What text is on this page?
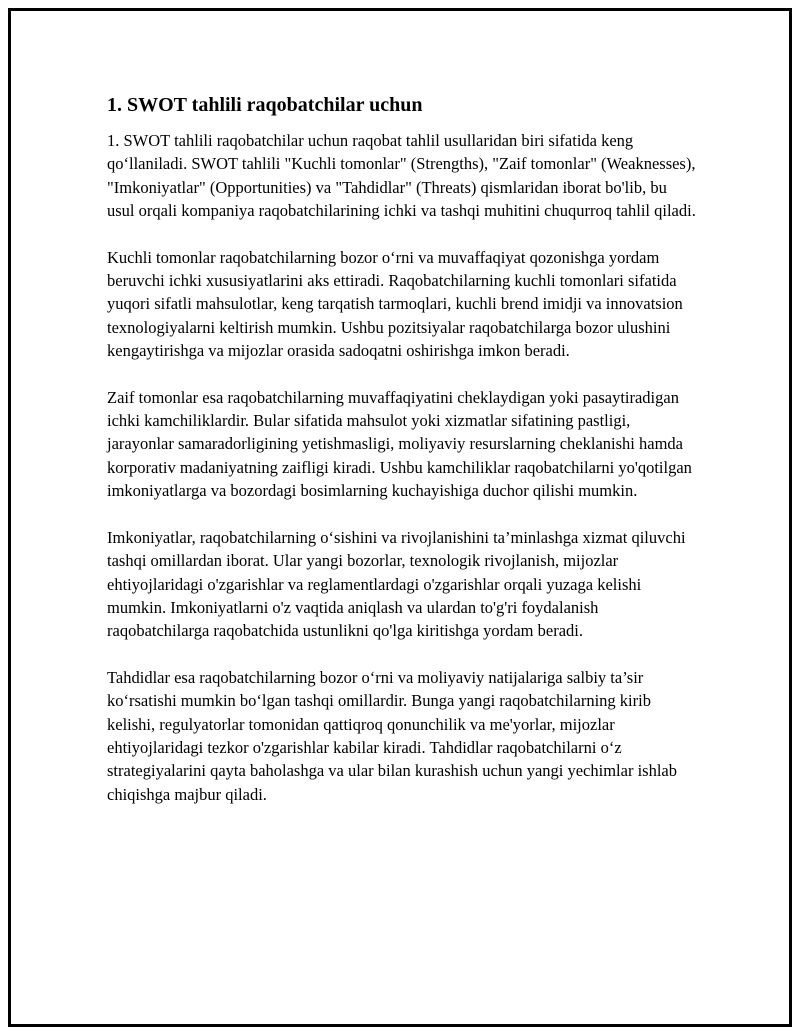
1. SWOT tahlili raqobatchilar uchun

1. SWOT tahlili raqobatchilar uchun raqobat tahlil usullaridan biri sifatida keng qo‘llaniladi. SWOT tahlili "Kuchli tomonlar" (Strengths), "Zaif tomonlar" (Weaknesses), "Imkoniyatlar" (Opportunities) va "Tahdidlar" (Threats) qismlaridan iborat bo'lib, bu usul orqali kompaniya raqobatchilarining ichki va tashqi muhitini chuqurroq tahlil qiladi.

Kuchli tomonlar raqobatchilarning bozor o‘rni va muvaffaqiyat qozonishga yordam beruvchi ichki xususiyatlarini aks ettiradi. Raqobatchilarning kuchli tomonlari sifatida yuqori sifatli mahsulotlar, keng tarqatish tarmoqlari, kuchli brend imidji va innovatsion texnologiyalarni keltirish mumkin. Ushbu pozitsiyalar raqobatchilarga bozor ulushini kengaytirishga va mijozlar orasida sadoqatni oshirishga imkon beradi.

Zaif tomonlar esa raqobatchilarning muvaffaqiyatini cheklaydigan yoki pasaytiradigan ichki kamchiliklardir. Bular sifatida mahsulot yoki xizmatlar sifatining pastligi, jarayonlar samaradorligining yetishmasligi, moliyaviy resurslarning cheklanishi hamda korporativ madaniyatning zaifligi kiradi. Ushbu kamchiliklar raqobatchilarni yo'qotilgan imkoniyatlarga va bozordagi bosimlarning kuchayishiga duchor qilishi mumkin.

Imkoniyatlar, raqobatchilarning o‘sishini va rivojlanishini ta’minlashga xizmat qiluvchi tashqi omillardan iborat. Ular yangi bozorlar, texnologik rivojlanish, mijozlar ehtiyojlaridagi o'zgarishlar va reglamentlardagi o'zgarishlar orqali yuzaga kelishi mumkin. Imkoniyatlarni o'z vaqtida aniqlash va ulardan to'g'ri foydalanish raqobatchilarga raqobatchida ustunlikni qo'lga kiritishga yordam beradi.

Tahdidlar esa raqobatchilarning bozor o‘rni va moliyaviy natijalariga salbiy ta’sir ko‘rsatishi mumkin bo‘lgan tashqi omillardir. Bunga yangi raqobatchilarning kirib kelishi, regulyatorlar tomonidan qattiqroq qonunchilik va me'yorlar, mijozlar ehtiyojlaridagi tezkor o'zgarishlar kabilar kiradi. Tahdidlar raqobatchilarni o‘z strategiyalarini qayta baholashga va ular bilan kurashish uchun yangi yechimlar ishlab chiqishga majbur qiladi.
